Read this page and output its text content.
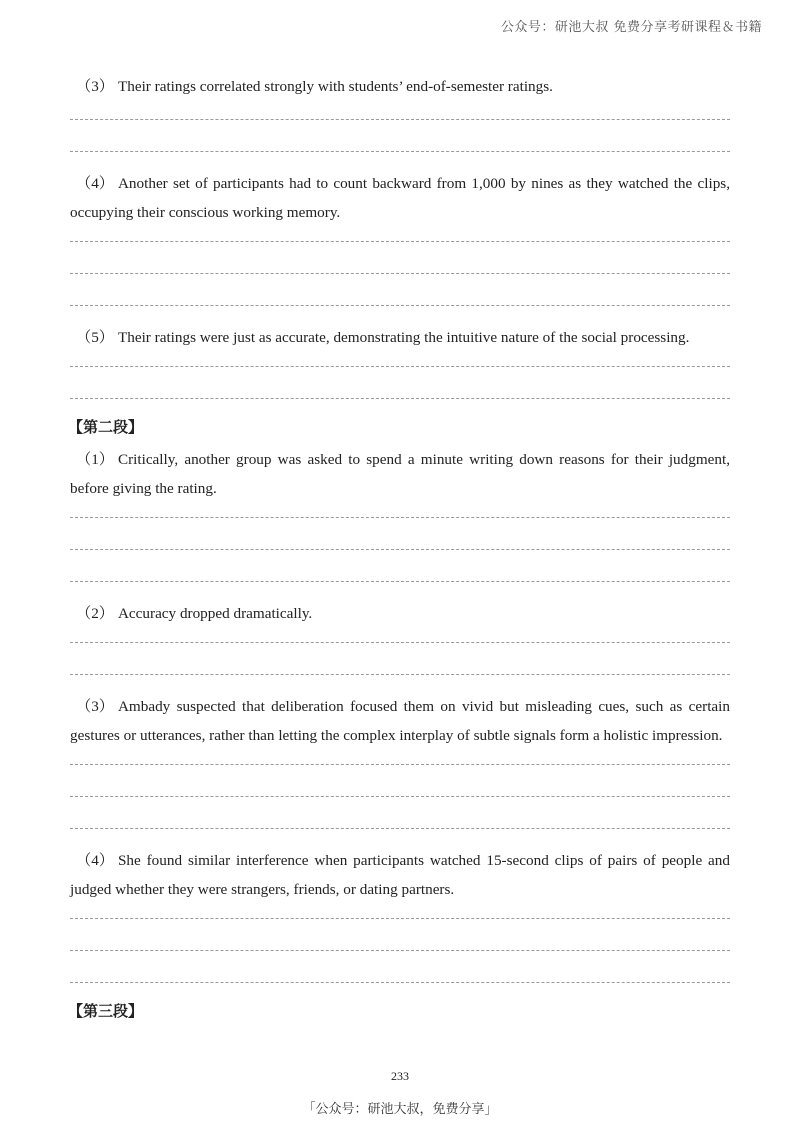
公众号：研池大叔 免费分享考研课程＆书籍

（3） Their ratings correlated strongly with students’ end-of-semester ratings.

（4） Another set of participants had to count backward from 1,000 by nines as they watched the clips, occupying their conscious working memory.

（5） Their ratings were just as accurate, demonstrating the intuitive nature of the social processing.

【第二段】

（1） Critically, another group was asked to spend a minute writing down reasons for their judgment, before giving the rating.

（2） Accuracy dropped dramatically.

（3） Ambady suspected that deliberation focused them on vivid but misleading cues, such as certain gestures or utterances, rather than letting the complex interplay of subtle signals form a holistic impression.

（4） She found similar interference when participants watched 15-second clips of pairs of people and judged whether they were strangers, friends, or dating partners.

【第三段】
233
「公众号：研池大叔，免费分享」
